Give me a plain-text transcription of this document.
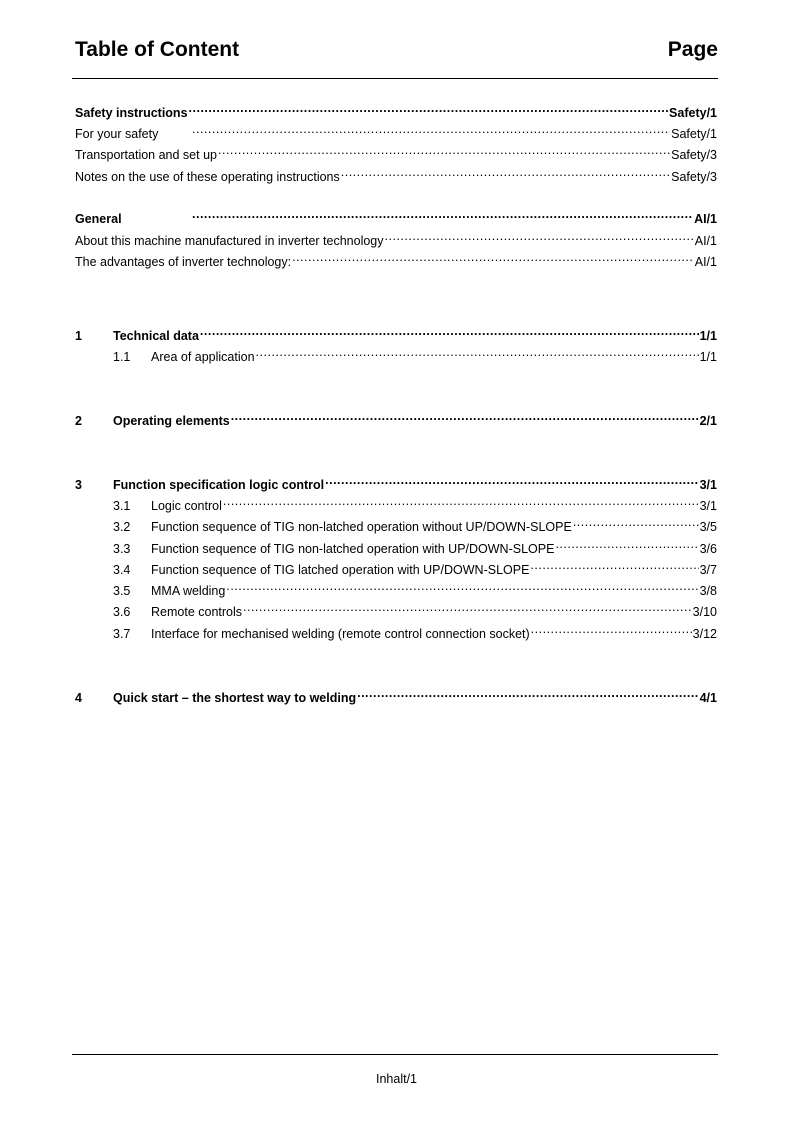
Table of Content	Page
Safety instructions .....	Safety/1
For your safety .....	Safety/1
Transportation and set up .....	Safety/3
Notes on the use of these operating instructions .....	Safety/3
General .....	AI/1
About this machine manufactured in inverter technology .....	AI/1
The advantages of inverter technology: .....	AI/1
1	Technical data .....	1/1
1.1	Area of application .....	1/1
2	Operating elements .....	2/1
3	Function specification logic control .....	3/1
3.1	Logic control .....	3/1
3.2	Function sequence of TIG non-latched operation without UP/DOWN-SLOPE .....	3/5
3.3	Function sequence of TIG non-latched operation with UP/DOWN-SLOPE .....	3/6
3.4	Function sequence of TIG latched operation with UP/DOWN-SLOPE .....	3/7
3.5	MMA welding .....	3/8
3.6	Remote controls .....	3/10
3.7	Interface for mechanised welding (remote control connection socket) .....	3/12
4	Quick start – the shortest way to welding .....	4/1
Inhalt/1
